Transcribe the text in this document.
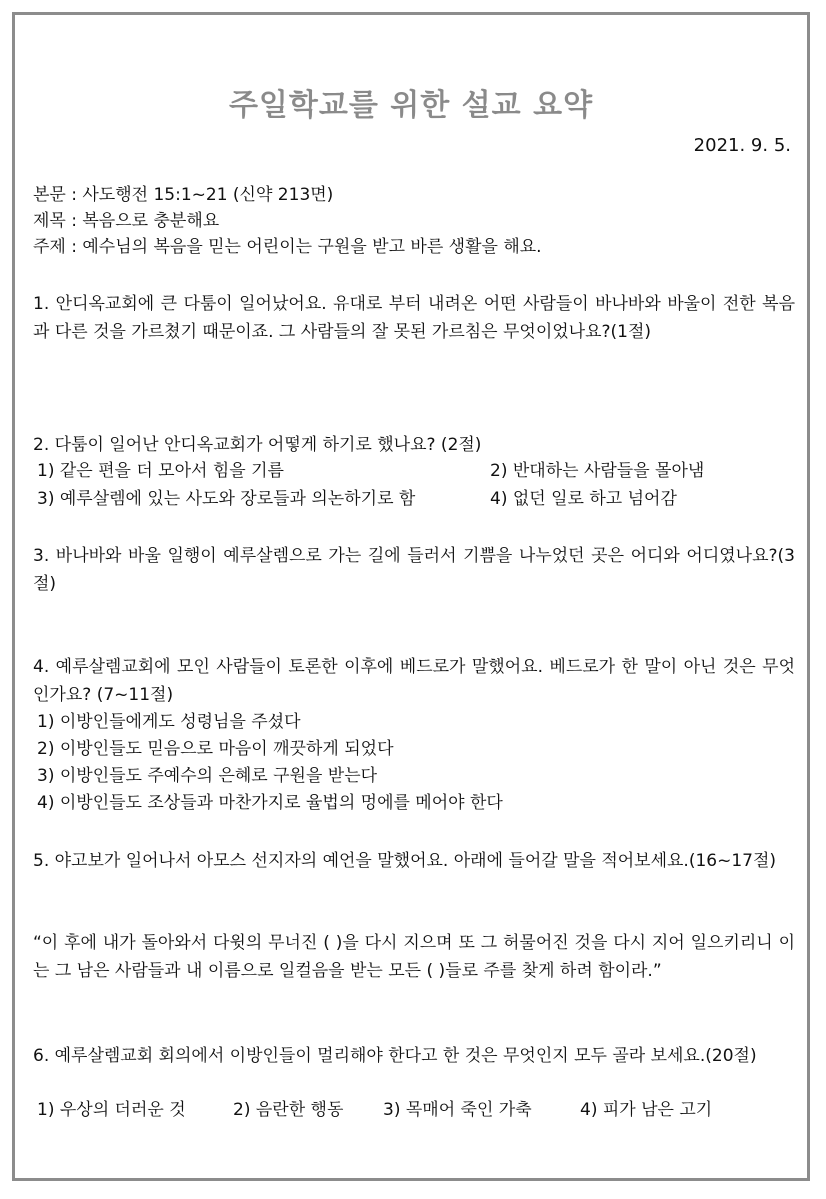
주일학교를 위한 설교 요약
2021. 9. 5.
본문 : 사도행전 15:1~21 (신약 213면)
제목 : 복음으로 충분해요
주제 : 예수님의 복음을 믿는 어린이는 구원을 받고 바른 생활을 해요.
1. 안디옥교회에 큰 다툼이 일어났어요. 유대로 부터 내려온 어떤 사람들이 바나바와 바울이 전한 복음과 다른 것을 가르쳤기 때문이죠. 그 사람들의 잘 못된 가르침은 무엇이었나요?(1절)
2. 다툼이 일어난 안디옥교회가 어떻게 하기로 했나요? (2절)
1) 같은 편을 더 모아서 힘을 기름	2) 반대하는 사람들을 몰아냄
3) 예루살렘에 있는 사도와 장로들과 의논하기로 함	4) 없던 일로 하고 넘어감
3. 바나바와 바울 일행이 예루살렘으로 가는 길에 들러서 기쁨을 나누었던 곳은 어디와 어디였나요?(3절)
4. 예루살렘교회에 모인 사람들이 토론한 이후에 베드로가 말했어요. 베드로가 한 말이 아닌 것은 무엇인가요? (7~11절)
1) 이방인들에게도 성령님을 주셨다
2) 이방인들도 믿음으로 마음이 깨끗하게 되었다
3) 이방인들도 주예수의 은혜로 구원을 받는다
4) 이방인들도 조상들과 마찬가지로 율법의 멍에를 메어야 한다
5. 야고보가 일어나서 아모스 선지자의 예언을 말했어요. 아래에 들어갈 말을 적어보세요.(16~17절)
“이 후에 내가 돌아와서 다윗의 무너진 ( )을 다시 지으며 또 그 허물어진 것을 다시 지어 일으키리니 이는 그 남은 사람들과 내 이름으로 일컬음을 받는 모든 ( )들로 주를 찾게 하려 함이라.”
6. 예루살렘교회 회의에서 이방인들이 멀리해야 한다고 한 것은 무엇인지 모두 골라 보세요.(20절)
1) 우상의 더러운 것	2) 음란한 행동 3) 목매어 죽인 가축	4) 피가 남은 고기
